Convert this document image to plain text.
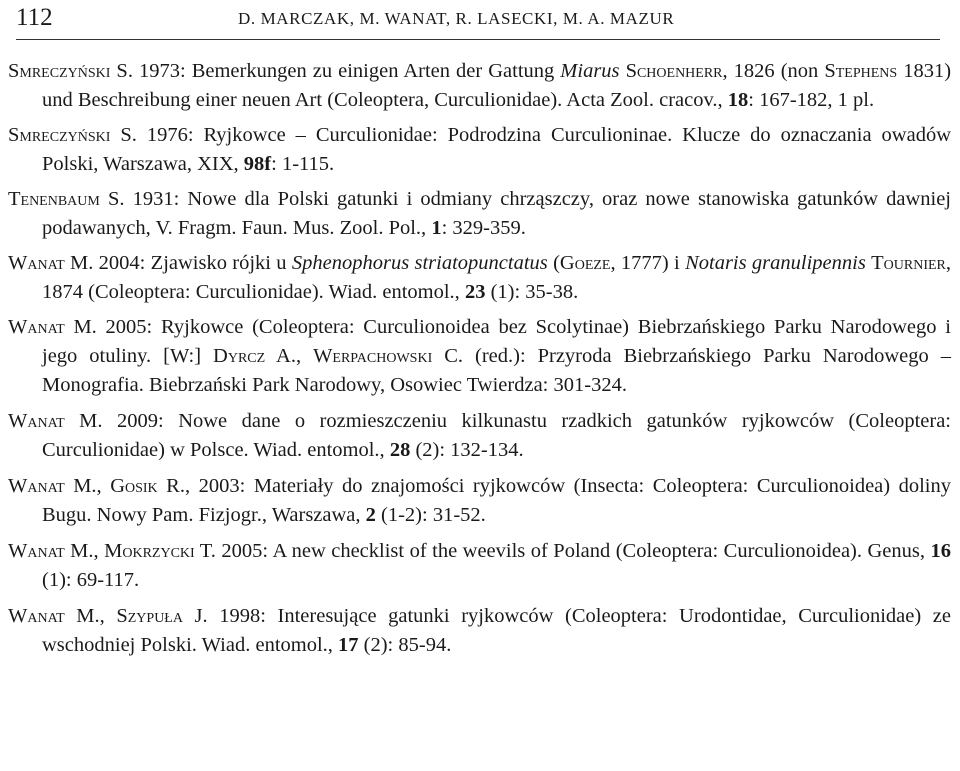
112	D. MARCZAK, M. WANAT, R. LASECKI, M. A. MAZUR

Smreczyński S. 1973: Bemerkungen zu einigen Arten der Gattung Miarus Schoenherr, 1826 (non Stephens 1831) und Beschreibung einer neuen Art (Coleoptera, Curculionidae). Acta Zool. cracov., 18: 167-182, 1 pl.

Smreczyński S. 1976: Ryjkowce – Curculionidae: Podrodzina Curculioninae. Klucze do oznaczania owadów Polski, Warszawa, XIX, 98f: 1-115.

Tenenbaum S. 1931: Nowe dla Polski gatunki i odmiany chrząszczy, oraz nowe stanowiska gatunków dawniej podawanych, V. Fragm. Faun. Mus. Zool. Pol., 1: 329-359.

Wanat M. 2004: Zjawisko rójki u Sphenophorus striatopunctatus (Goeze, 1777) i Notaris granulipennis Tournier, 1874 (Coleoptera: Curculionidae). Wiad. entomol., 23 (1): 35-38.

Wanat M. 2005: Ryjkowce (Coleoptera: Curculionoidea bez Scolytinae) Biebrzańskiego Parku Narodowego i jego otuliny. [W:] Dyrcz A., Werpachowski C. (red.): Przyroda Biebrzańskiego Parku Narodowego – Monografia. Biebrzański Park Narodowy, Osowiec Twierdza: 301-324.

Wanat M. 2009: Nowe dane o rozmieszczeniu kilkunastu rzadkich gatunków ryjkowców (Coleoptera: Curculionidae) w Polsce. Wiad. entomol., 28 (2): 132-134.

Wanat M., Gosik R., 2003: Materiały do znajomości ryjkowców (Insecta: Coleoptera: Curculionoidea) doliny Bugu. Nowy Pam. Fizjogr., Warszawa, 2 (1-2): 31-52.

Wanat M., Mokrzycki T. 2005: A new checklist of the weevils of Poland (Coleoptera: Curculionoidea). Genus, 16 (1): 69-117.

Wanat M., Szypuła J. 1998: Interesujące gatunki ryjkowców (Coleoptera: Urodontidae, Curculionidae) ze wschodniej Polski. Wiad. entomol., 17 (2): 85-94.
